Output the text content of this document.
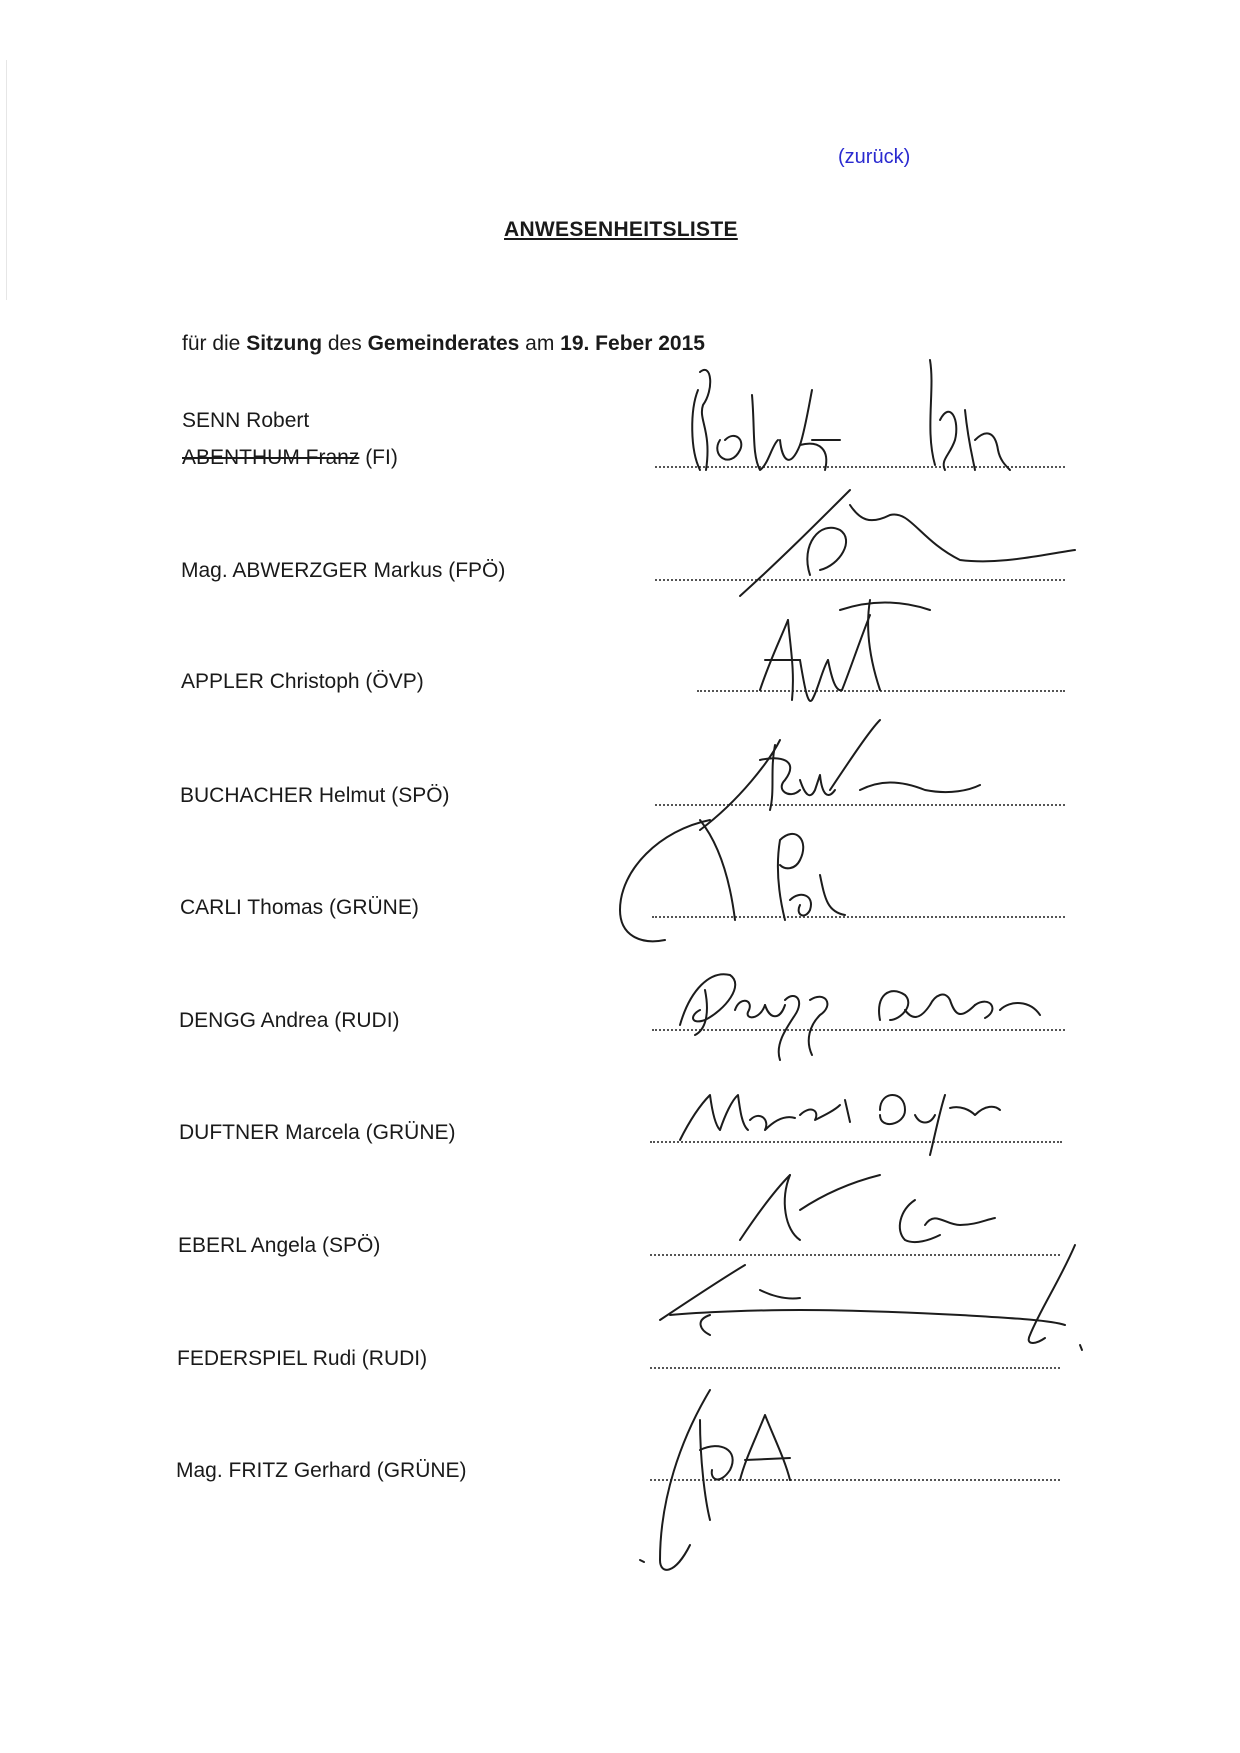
(zurück)
ANWESENHEITSLISTE
für die Sitzung des Gemeinderates am 19. Feber 2015
SENN Robert
ABENTHUM Franz (FI)
Mag. ABWERZGER Markus (FPÖ)
APPLER Christoph (ÖVP)
BUCHACHER Helmut (SPÖ)
CARLI Thomas (GRÜNE)
DENGG Andrea (RUDI)
DUFTNER Marcela (GRÜNE)
EBERL Angela (SPÖ)
FEDERSPIEL Rudi (RUDI)
Mag. FRITZ Gerhard (GRÜNE)
